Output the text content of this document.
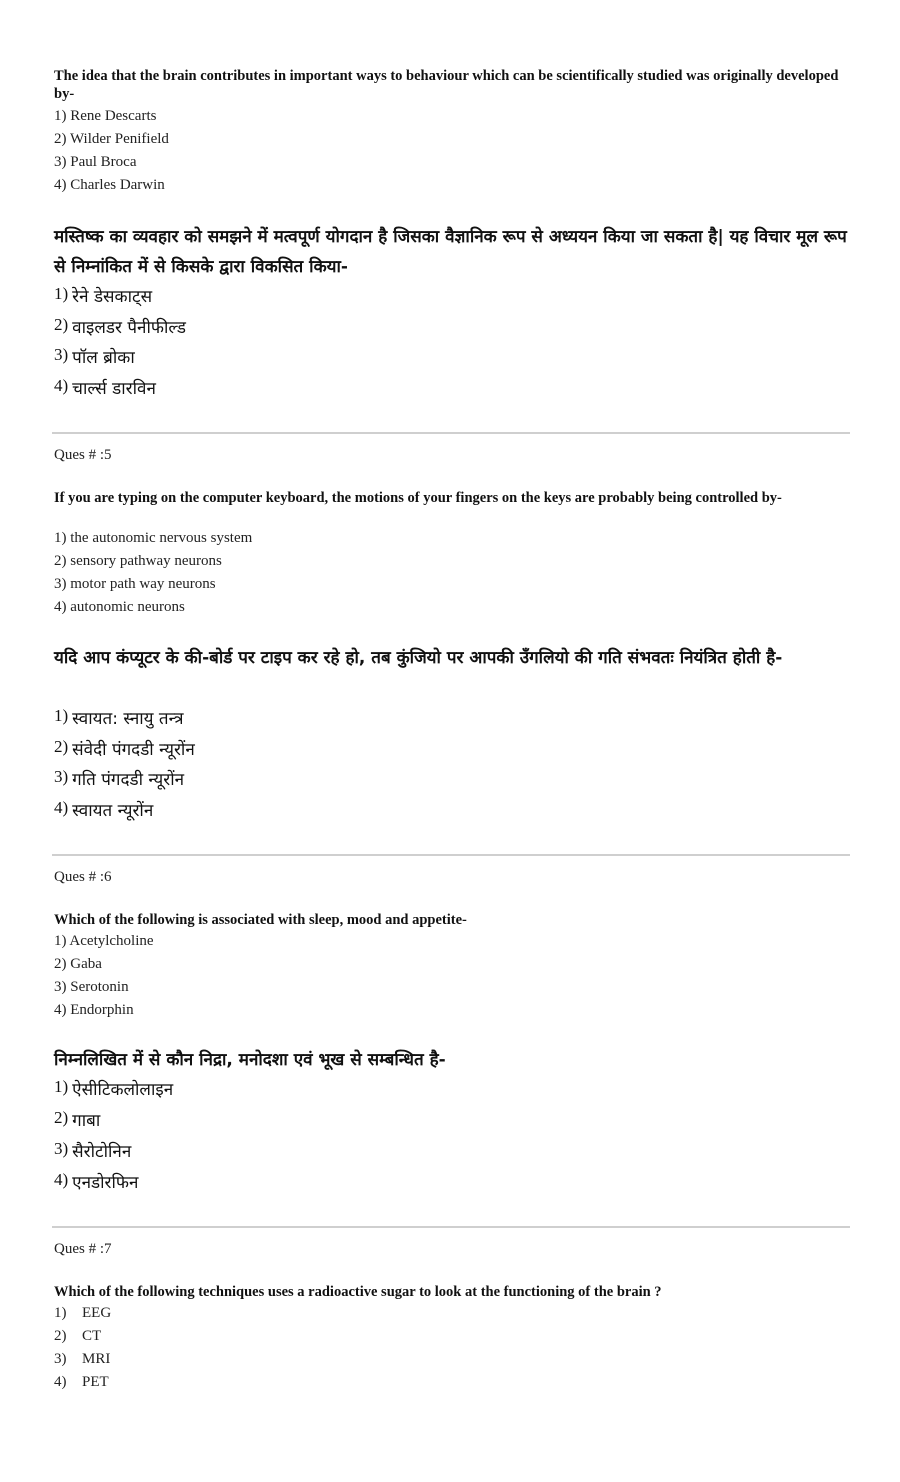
The idea that the brain contributes in important ways to behaviour which can be scientifically studied was originally developed by-

1) Rene Descarts

2) Wilder Penifield

3) Paul Broca

4) Charles Darwin

मस्तिष्क का व्यवहार को समझने में मत्वपूर्ण योगदान है जिसका वैज्ञानिक रूप से अध्ययन किया जा सकता है| यह विचार मूल रूप से निम्नांकित में से किसके द्वारा विकसित किया-

1) रेने डेसकाट्स

2) वाइलडर पैनीफील्ड

3) पॉल ब्रोका

4) चार्ल्स डारविन

Ques # :5

If you are typing on the computer keyboard, the motions of your fingers on the keys are probably being controlled by-

1) the autonomic nervous system

2) sensory pathway neurons

3) motor path way neurons

4) autonomic neurons

यदि आप कंप्यूटर के की-बोर्ड पर टाइप कर रहे हो, तब कुंजियो पर आपकी उँगलियो की गति संभवतः नियंत्रित होती है-

1) स्वायत: स्नायु तन्त्र

2) संवेदी पंगदडी न्यूरोंन

3) गति पंगदडी न्यूरोंन

4) स्वायत न्यूरोंन

Ques # :6

Which of the following is associated with sleep, mood and appetite-

1) Acetylcholine

2) Gaba

3) Serotonin

4) Endorphin

निम्नलिखित में से कौन निद्रा, मनोदशा एवं भूख से सम्बन्धित है-

1) ऐसीटिकलोलाइन

2) गाबा

3) सैरोटोनिन

4) एनडोरफिन

Ques # :7

Which of the following techniques uses a radioactive sugar to look at the functioning of the brain ?

1) EEG

2) CT

3) MRI

4) PET
